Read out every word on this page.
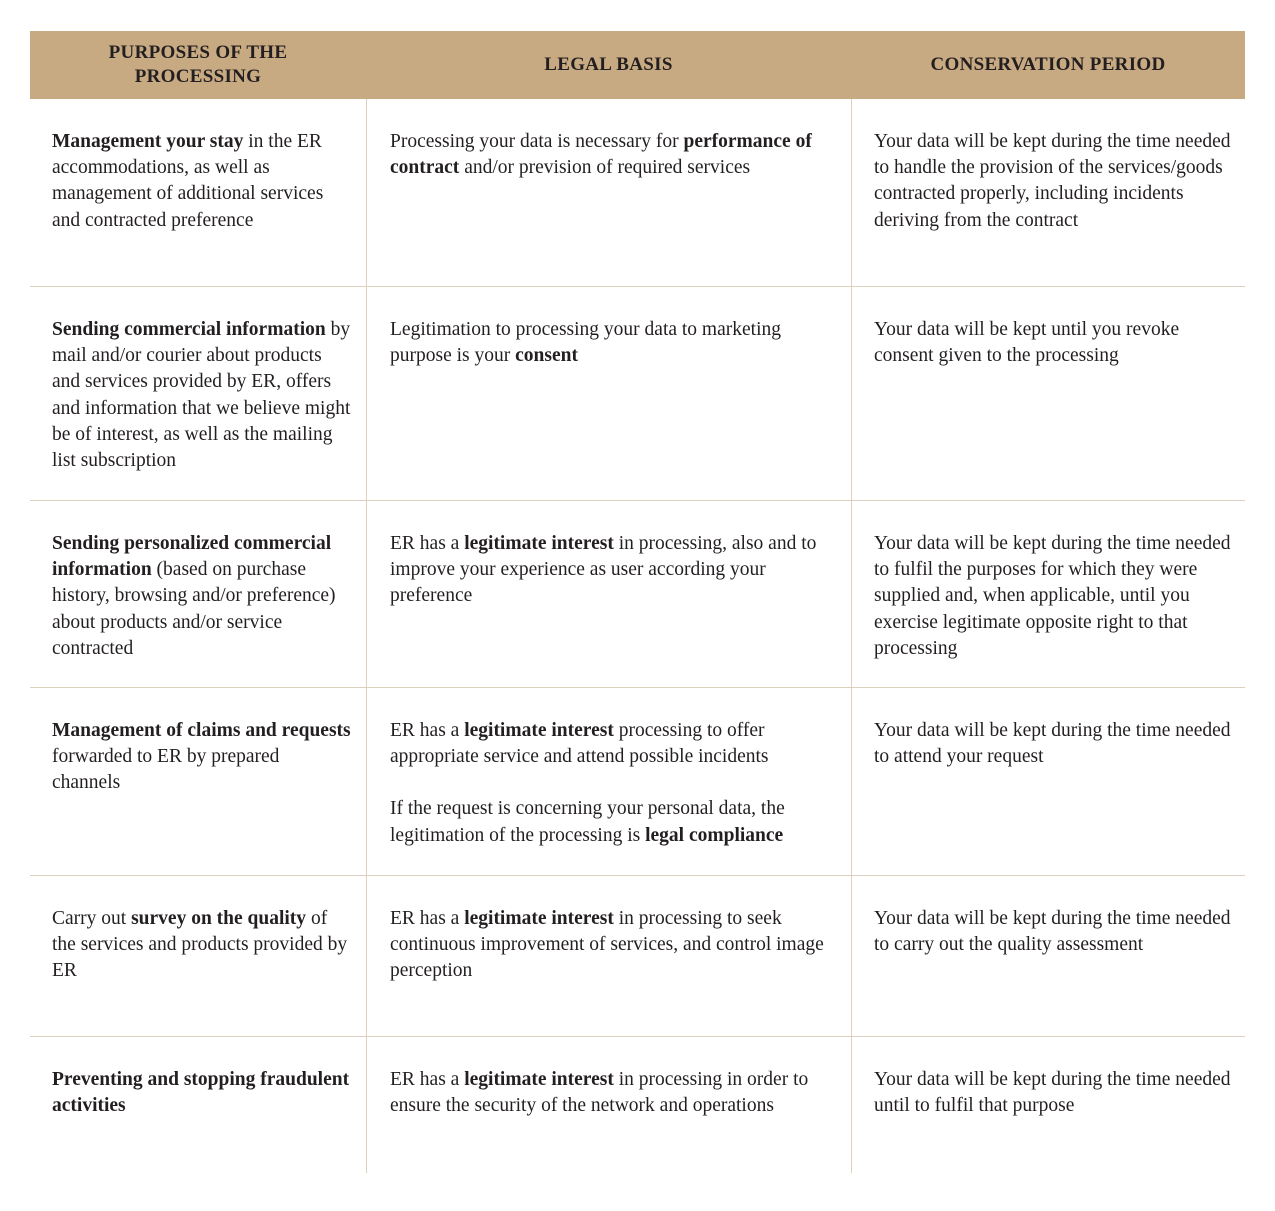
PURPOSES OF THE PROCESSING
LEGAL BASIS	CONSERVATION PERIOD

Management your stay in the ER accommodations, as well as management of additional services and contracted preference

Processing your data is necessary for performance of contract and/or prevision of required services

Your data will be kept during the time needed to handle the provision of the services/goods contracted properly, including incidents deriving from the contract

Sending commercial information by mail and/or courier about products and services provided by ER, offers and information that we believe might be of interest, as well as the mailing list subscription

Legitimation to processing your data to marketing purpose is your consent

Your data will be kept until you revoke consent given to the processing

Sending personalized commercial information (based on purchase history, browsing and/or preference) about products and/or service contracted

ER has a legitimate interest in processing, also and to improve your experience as user according your preference

Your data will be kept during the time needed to fulfil the purposes for which they were supplied and, when applicable, until you exercise legitimate opposite right to that processing

Management of claims and requests forwarded to ER by prepared channels

ER has a legitimate interest processing to offer appropriate service and attend possible incidents

If the request is concerning your personal data, the legitimation of the processing is legal compliance

Your data will be kept during the time needed to attend your request

Carry out survey on the quality of the services and products provided by ER

ER has a legitimate interest in processing to seek continuous improvement of services, and control image perception

Your data will be kept during the time needed to carry out the quality assessment

Preventing and stopping fraudulent activities

ER has a legitimate interest in processing in order to ensure the security of the network and operations

Your data will be kept during the time needed until to fulfil that purpose
